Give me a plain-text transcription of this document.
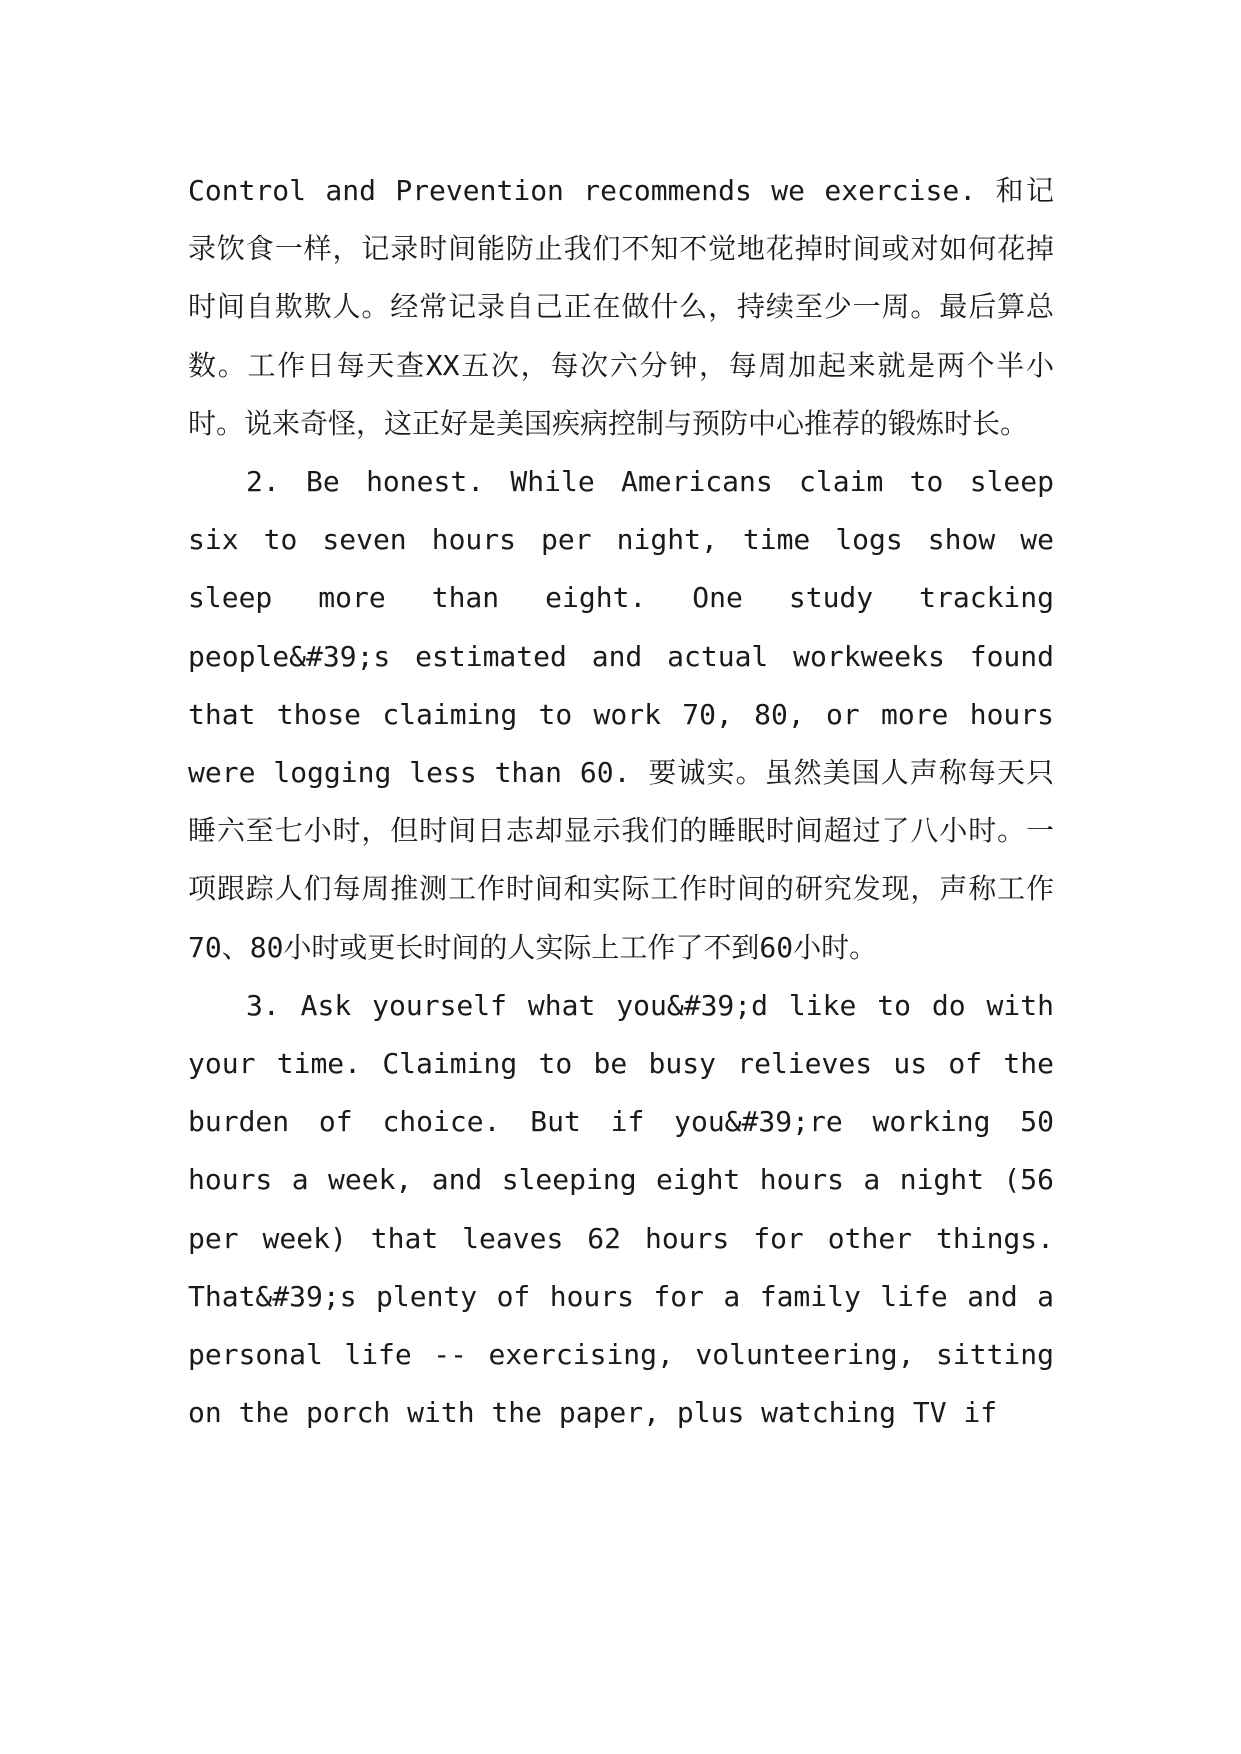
Control and Prevention recommends we exercise. 和记录饮食一样，记录时间能防止我们不知不觉地花掉时间或对如何花掉时间自欺欺人。经常记录自己正在做什么，持续至少一周。最后算总数。工作日每天查XX五次，每次六分钟，每周加起来就是两个半小时。说来奇怪，这正好是美国疾病控制与预防中心推荐的锻炼时长。

2. Be honest. While Americans claim to sleep six to seven hours per night, time logs show we sleep more than eight. One study tracking people&#39;s estimated and actual workweeks found that those claiming to work 70, 80, or more hours were logging less than 60. 要诚实。虽然美国人声称每天只睡六至七小时，但时间日志却显示我们的睡眠时间超过了八小时。一项跟踪人们每周推测工作时间和实际工作时间的研究发现，声称工作70、80小时或更长时间的人实际上工作了不到60小时。

3. Ask yourself what you&#39;d like to do with your time. Claiming to be busy relieves us of the burden of choice. But if you&#39;re working 50 hours a week, and sleeping eight hours a night (56 per week) that leaves 62 hours for other things. That&#39;s plenty of hours for a family life and a personal life -- exercising, volunteering, sitting on the porch with the paper, plus watching TV if
